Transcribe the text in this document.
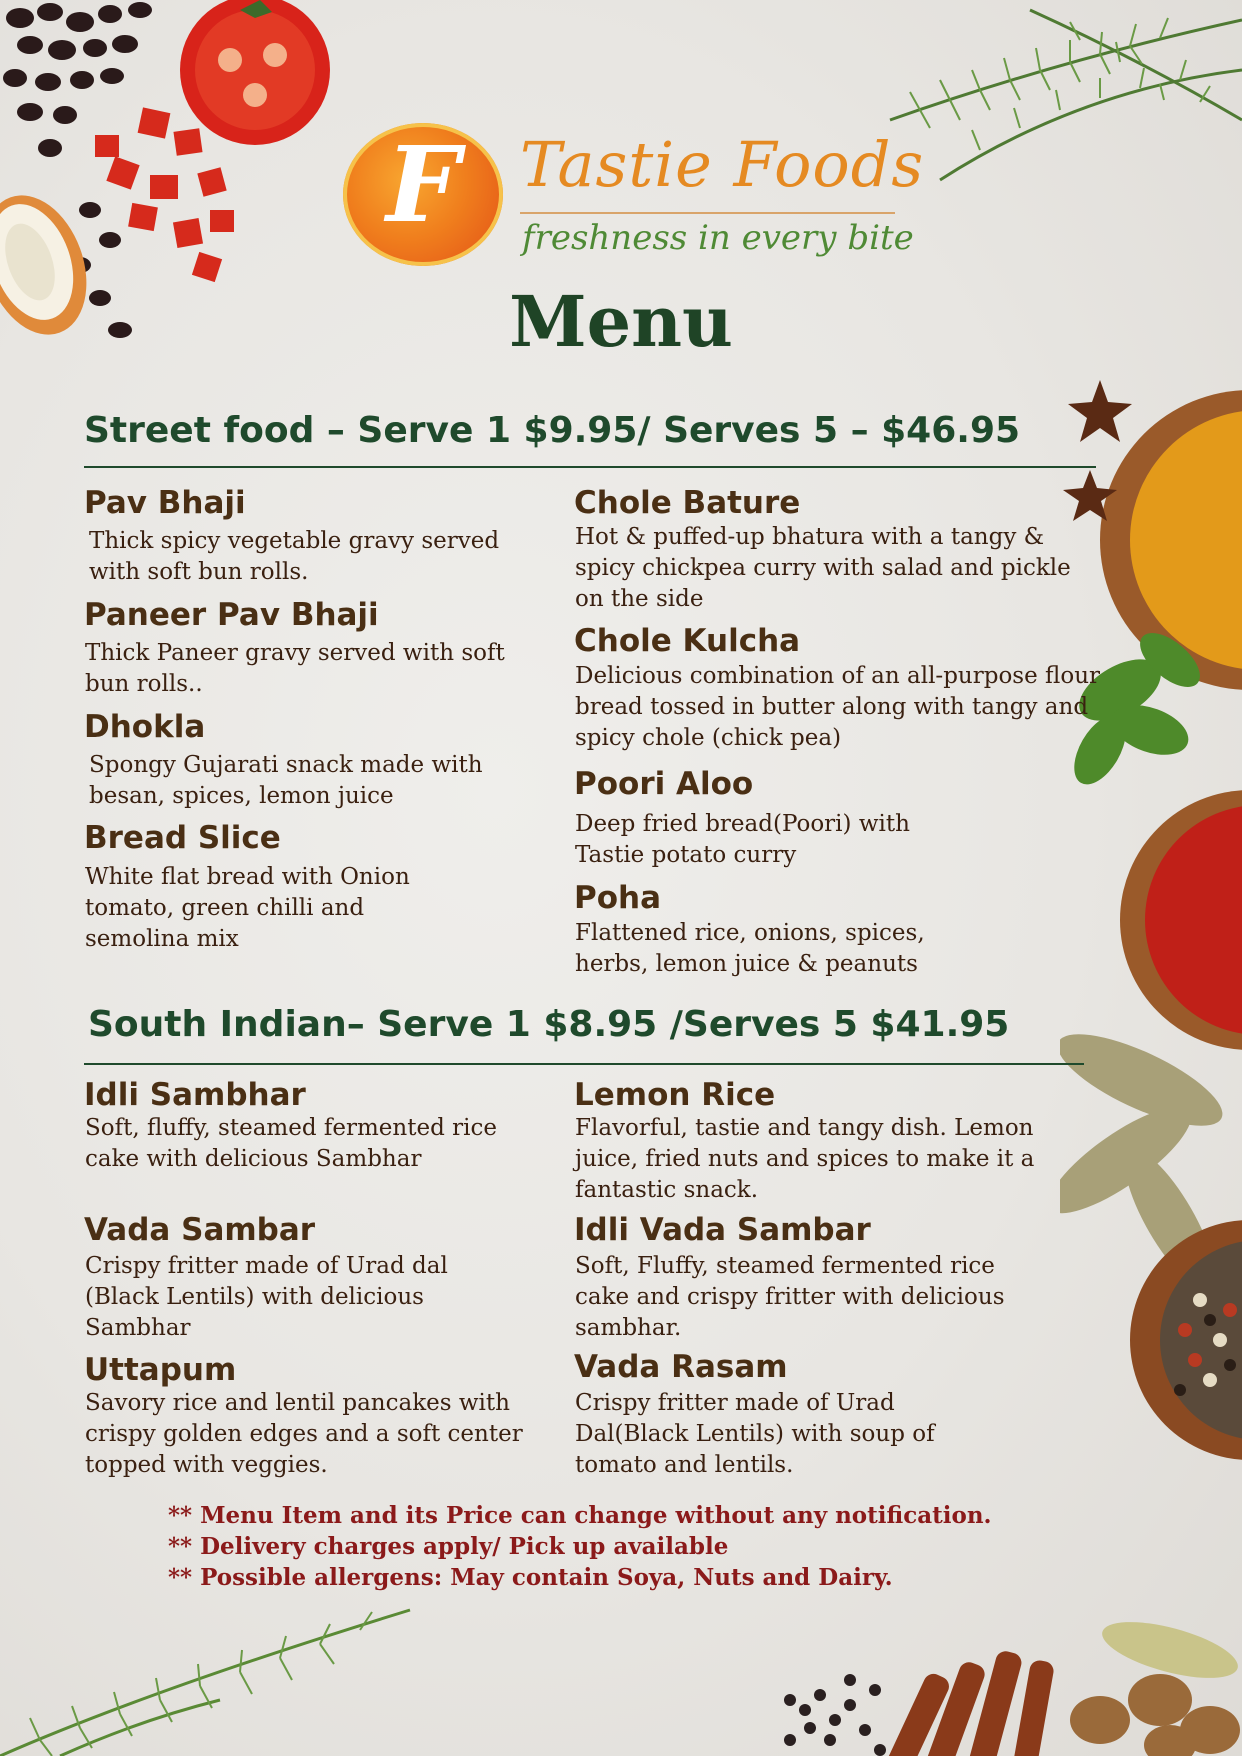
F Tastie Foods
freshness in every bite
Menu
Street food – Serve 1 $9.95/ Serves 5 – $46.95
Pav Bhaji
Thick spicy vegetable gravy served with soft bun rolls.
Paneer Pav Bhaji
Thick Paneer gravy served with soft bun rolls..
Dhokla
Spongy Gujarati snack made with besan, spices, lemon juice
Bread Slice
White flat bread with Onion tomato, green chilli and semolina mix
Chole Bature
Hot & puffed-up bhatura with a tangy & spicy chickpea curry with salad and pickle on the side
Chole Kulcha
Delicious combination of an all-purpose flour bread tossed in butter along with tangy and spicy chole (chick pea)
Poori Aloo
Deep fried bread(Poori) with Tastie potato curry
Poha
Flattened rice, onions, spices, herbs, lemon juice & peanuts
South Indian– Serve 1 $8.95 /Serves 5 $41.95
Idli Sambhar
Soft, fluffy, steamed fermented rice cake with delicious Sambhar
Vada Sambar
Crispy fritter made of Urad dal (Black Lentils) with delicious Sambhar
Uttapum
Savory rice and lentil pancakes with crispy golden edges and a soft center topped with veggies.
Lemon Rice
Flavorful, tastie and tangy dish. Lemon juice, fried nuts and spices to make it a fantastic snack.
Idli Vada Sambar
Soft, Fluffy, steamed fermented rice cake and crispy fritter with delicious sambhar.
Vada Rasam
Crispy fritter made of Urad Dal(Black Lentils) with soup of tomato and lentils.
** Menu Item and its Price can change without any notification.
** Delivery charges apply/ Pick up available
** Possible allergens: May contain Soya, Nuts and Dairy.
